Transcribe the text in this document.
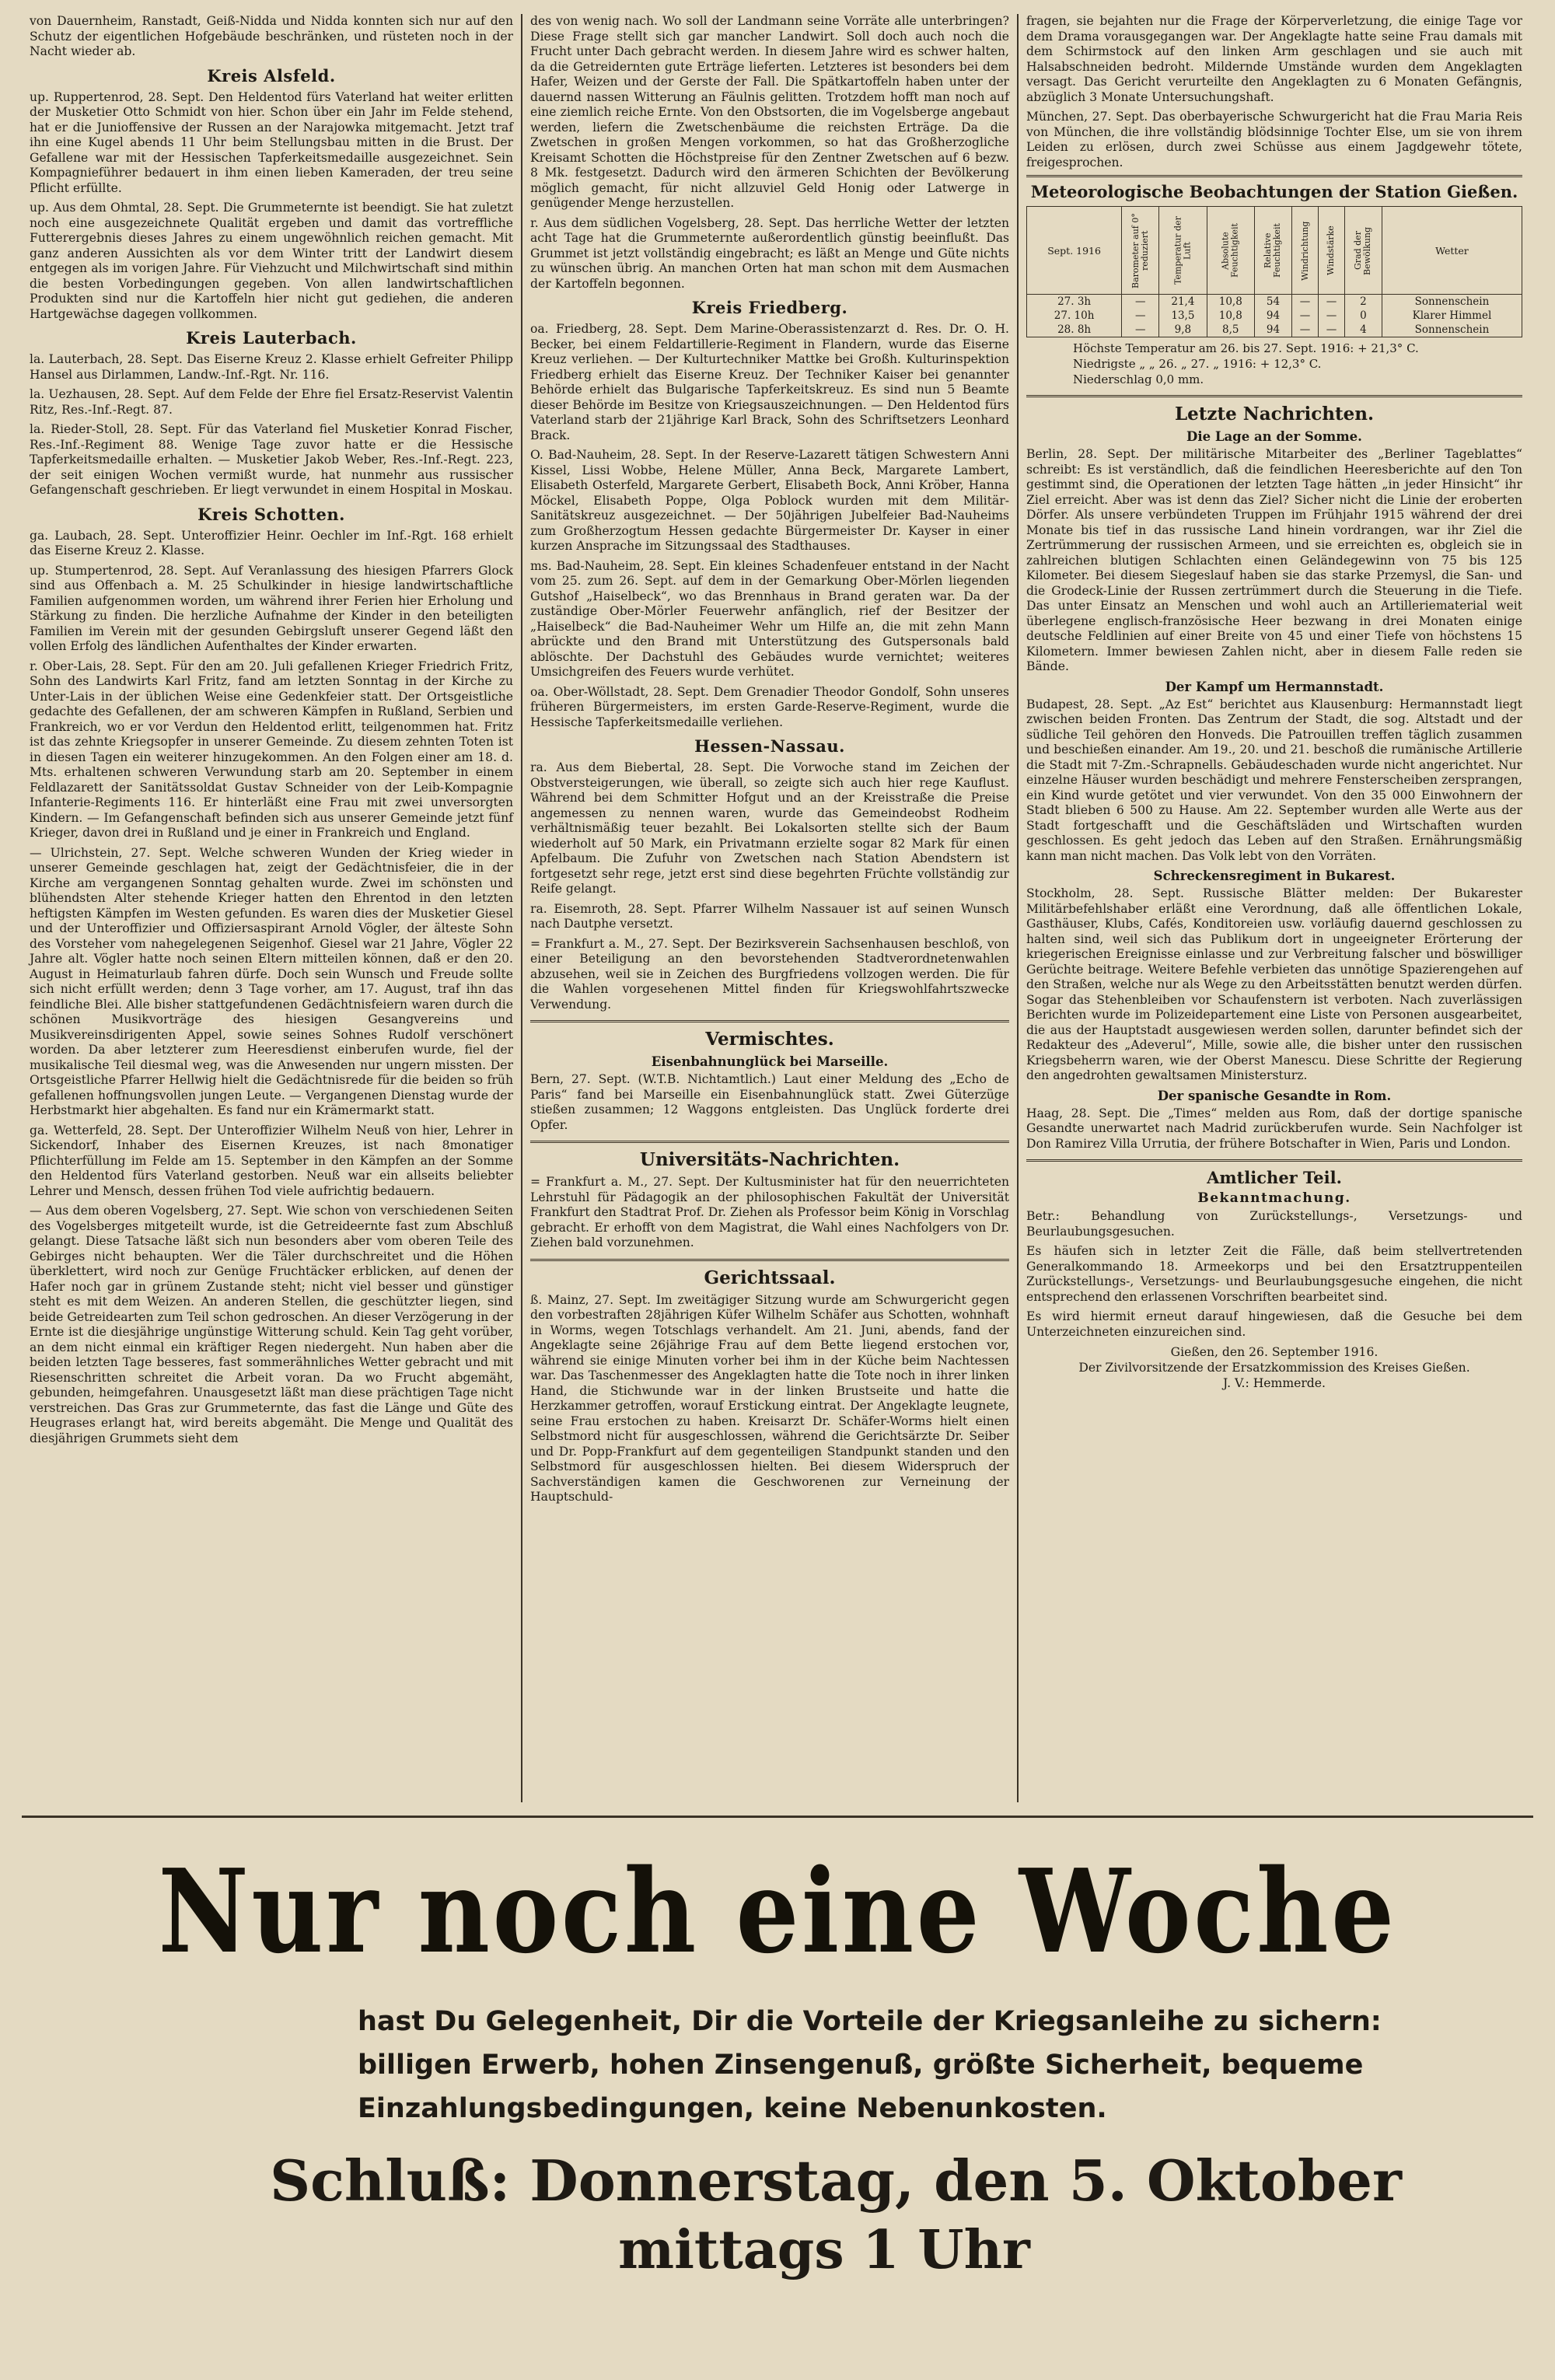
von Dauernheim, Ranstadt, Geiß-Nidda und Nidda konnten sich nur auf den Schutz der eigentlichen Hofgebäude beschränken, und rüsteten noch in der Nacht wieder ab.

Kreis Alsfeld.

up. Ruppertenrod, 28. Sept. Den Heldentod fürs Vaterland hat weiter erlitten der Musketier Otto Schmidt von hier. Schon über ein Jahr im Felde stehend, hat er die Junioffensive der Russen an der Narajowka mitgemacht. Jetzt traf ihn eine Kugel abends 11 Uhr beim Stellungsbau mitten in die Brust. Der Gefallene war mit der Hessischen Tapferkeitsmedaille ausgezeichnet. Sein Kompagnieführer bedauert in ihm einen lieben Kameraden, der treu seine Pflicht erfüllte.

up. Aus dem Ohmtal, 28. Sept. Die Grummeternte ist beendigt. Sie hat zuletzt noch eine ausgezeichnete Qualität ergeben und damit das vortreffliche Futterergebnis dieses Jahres zu einem ungewöhnlich reichen gemacht. Mit ganz anderen Aussichten als vor dem Winter tritt der Landwirt diesem entgegen als im vorigen Jahre. Für Viehzucht und Milchwirtschaft sind mithin die besten Vorbedingungen gegeben. Von allen landwirtschaftlichen Produkten sind nur die Kartoffeln hier nicht gut gediehen, die anderen Hartgewächse dagegen vollkommen.

Kreis Lauterbach.

la. Lauterbach, 28. Sept. Das Eiserne Kreuz 2. Klasse erhielt Gefreiter Philipp Hansel aus Dirlammen, Landw.-Inf.-Rgt. Nr. 116.

la. Uezhausen, 28. Sept. Auf dem Felde der Ehre fiel Ersatz-Reservist Valentin Ritz, Res.-Inf.-Regt. 87.

la. Rieder-Stoll, 28. Sept. Für das Vaterland fiel Musketier Konrad Fischer, Res.-Inf.-Regiment 88. Wenige Tage zuvor hatte er die Hessische Tapferkeitsmedaille erhalten. — Musketier Jakob Weber, Res.-Inf.-Regt. 223, der seit einigen Wochen vermißt wurde, hat nunmehr aus russischer Gefangenschaft geschrieben. Er liegt verwundet in einem Hospital in Moskau.

Kreis Schotten.

ga. Laubach, 28. Sept. Unteroffizier Heinr. Oechler im Inf.-Rgt. 168 erhielt das Eiserne Kreuz 2. Klasse.

up. Stumpertenrod, 28. Sept. Auf Veranlassung des hiesigen Pfarrers Glock sind aus Offenbach a. M. 25 Schulkinder in hiesige landwirtschaftliche Familien aufgenommen worden, um während ihrer Ferien hier Erholung und Stärkung zu finden. Die herzliche Aufnahme der Kinder in den beteiligten Familien im Verein mit der gesunden Gebirgsluft unserer Gegend läßt den vollen Erfolg des ländlichen Aufenthaltes der Kinder erwarten.

r. Ober-Lais, 28. Sept. Für den am 20. Juli gefallenen Krieger Friedrich Fritz, Sohn des Landwirts Karl Fritz, fand am letzten Sonntag in der Kirche zu Unter-Lais in der üblichen Weise eine Gedenkfeier statt. Der Ortsgeistliche gedachte des Gefallenen, der am schweren Kämpfen in Rußland, Serbien und Frankreich, wo er vor Verdun den Heldentod erlitt, teilgenommen hat. Fritz ist das zehnte Kriegsopfer in unserer Gemeinde. Zu diesem zehnten Toten ist in diesen Tagen ein weiterer hinzugekommen. An den Folgen einer am 18. d. Mts. erhaltenen schweren Verwundung starb am 20. September in einem Feldlazarett der Sanitätssoldat Gustav Schneider von der Leib-Kompagnie Infanterie-Regiments 116. Er hinterläßt eine Frau mit zwei unversorgten Kindern. — Im Gefangenschaft befinden sich aus unserer Gemeinde jetzt fünf Krieger, davon drei in Rußland und je einer in Frankreich und England.

— Ulrichstein, 27. Sept. Welche schweren Wunden der Krieg wieder in unserer Gemeinde geschlagen hat, zeigt der Gedächtnisfeier, die in der Kirche am vergangenen Sonntag gehalten wurde. Zwei im schönsten und blühendsten Alter stehende Krieger hatten den Ehrentod in den letzten heftigsten Kämpfen im Westen gefunden. Es waren dies der Musketier Giesel und der Unteroffizier und Offiziersaspirant Arnold Vögler, der älteste Sohn des Vorsteher vom nahegelegenen Seigenhof. Giesel war 21 Jahre, Vögler 22 Jahre alt. Vögler hatte noch seinen Eltern mitteilen können, daß er den 20. August in Heimaturlaub fahren dürfe. Doch sein Wunsch und Freude sollte sich nicht erfüllt werden; denn 3 Tage vorher, am 17. August, traf ihn das feindliche Blei. Alle bisher stattgefundenen Gedächtnisfeiern waren durch die schönen Musikvorträge des hiesigen Gesangvereins und Musikvereinsdirigenten Appel, sowie seines Sohnes Rudolf verschönert worden. Da aber letzterer zum Heeresdienst einberufen wurde, fiel der musikalische Teil diesmal weg, was die Anwesenden nur ungern missten. Der Ortsgeistliche Pfarrer Hellwig hielt die Gedächtnisrede für die beiden so früh gefallenen hoffnungsvollen jungen Leute. — Vergangenen Dienstag wurde der Herbstmarkt hier abgehalten. Es fand nur ein Krämermarkt statt.

ga. Wetterfeld, 28. Sept. Der Unteroffizier Wilhelm Neuß von hier, Lehrer in Sickendorf, Inhaber des Eisernen Kreuzes, ist nach 8monatiger Pflichterfüllung im Felde am 15. September in den Kämpfen an der Somme den Heldentod fürs Vaterland gestorben. Neuß war ein allseits beliebter Lehrer und Mensch, dessen frühen Tod viele aufrichtig bedauern.

— Aus dem oberen Vogelsberg, 27. Sept. Wie schon von verschiedenen Seiten des Vogelsberges mitgeteilt wurde, ist die Getreideernte fast zum Abschluß gelangt. Diese Tatsache läßt sich nun besonders aber vom oberen Teile des Gebirges nicht behaupten. Wer die Täler durchschreitet und die Höhen überklettert, wird noch zur Genüge Fruchtäcker erblicken, auf denen der Hafer noch gar in grünem Zustande steht; nicht viel besser und günstiger steht es mit dem Weizen. An anderen Stellen, die geschützter liegen, sind beide Getreidearten zum Teil schon gedroschen. An dieser Verzögerung in der Ernte ist die diesjährige ungünstige Witterung schuld. Kein Tag geht vorüber, an dem nicht einmal ein kräftiger Regen niedergeht. Nun haben aber die beiden letzten Tage besseres, fast sommerähnliches Wetter gebracht und mit Riesenschritten schreitet die Arbeit voran. Da wo Frucht abgemäht, gebunden, heimgefahren. Unausgesetzt läßt man diese prächtigen Tage nicht verstreichen. Das Gras zur Grummeternte, das fast die Länge und Güte des Heugrases erlangt hat, wird bereits abgemäht. Die Menge und Qualität des diesjährigen Grummets sieht dem

des von wenig nach. Wo soll der Landmann seine Vorräte alle unterbringen? Diese Frage stellt sich gar mancher Landwirt. Soll doch auch noch die Frucht unter Dach gebracht werden. In diesem Jahre wird es schwer halten, da die Getreidernten gute Erträge lieferten. Letzteres ist besonders bei dem Hafer, Weizen und der Gerste der Fall. Die Spätkartoffeln haben unter der dauernd nassen Witterung an Fäulnis gelitten. Trotzdem hofft man noch auf eine ziemlich reiche Ernte. Von den Obstsorten, die im Vogelsberge angebaut werden, liefern die Zwetschenbäume die reichsten Erträge. Da die Zwetschen in großen Mengen vorkommen, so hat das Großherzogliche Kreisamt Schotten die Höchstpreise für den Zentner Zwetschen auf 6 bezw. 8 Mk. festgesetzt. Dadurch wird den ärmeren Schichten der Bevölkerung möglich gemacht, für nicht allzuviel Geld Honig oder Latwerge in genügender Menge herzustellen.

r. Aus dem südlichen Vogelsberg, 28. Sept. Das herrliche Wetter der letzten acht Tage hat die Grummeternte außerordentlich günstig beeinflußt. Das Grummet ist jetzt vollständig eingebracht; es läßt an Menge und Güte nichts zu wünschen übrig. An manchen Orten hat man schon mit dem Ausmachen der Kartoffeln begonnen.

Kreis Friedberg.

oa. Friedberg, 28. Sept. Dem Marine-Oberassistenzarzt d. Res. Dr. O. H. Becker, bei einem Feldartillerie-Regiment in Flandern, wurde das Eiserne Kreuz verliehen. — Der Kulturtechniker Mattke bei Großh. Kulturinspektion Friedberg erhielt das Eiserne Kreuz. Der Techniker Kaiser bei genannter Behörde erhielt das Bulgarische Tapferkeitskreuz. Es sind nun 5 Beamte dieser Behörde im Besitze von Kriegsauszeichnungen. — Den Heldentod fürs Vaterland starb der 21jährige Karl Brack, Sohn des Schriftsetzers Leonhard Brack.

O. Bad-Nauheim, 28. Sept. In der Reserve-Lazarett tätigen Schwestern Anni Kissel, Lissi Wobbe, Helene Müller, Anna Beck, Margarete Lambert, Elisabeth Osterfeld, Margarete Gerbert, Elisabeth Bock, Anni Kröber, Hanna Möckel, Elisabeth Poppe, Olga Poblock wurden mit dem Militär-Sanitätskreuz ausgezeichnet. — Der 50jährigen Jubelfeier Bad-Nauheims zum Großherzogtum Hessen gedachte Bürgermeister Dr. Kayser in einer kurzen Ansprache im Sitzungssaal des Stadthauses.

ms. Bad-Nauheim, 28. Sept. Ein kleines Schadenfeuer entstand in der Nacht vom 25. zum 26. Sept. auf dem in der Gemarkung Ober-Mörlen liegenden Gutshof „Haiselbeck“, wo das Brennhaus in Brand geraten war. Da der zuständige Ober-Mörler Feuerwehr anfänglich, rief der Besitzer der „Haiselbeck“ die Bad-Nauheimer Wehr um Hilfe an, die mit zehn Mann abrückte und den Brand mit Unterstützung des Gutspersonals bald ablöschte. Der Dachstuhl des Gebäudes wurde vernichtet; weiteres Umsichgreifen des Feuers wurde verhütet.

oa. Ober-Wöllstadt, 28. Sept. Dem Grenadier Theodor Gondolf, Sohn unseres früheren Bürgermeisters, im ersten Garde-Reserve-Regiment, wurde die Hessische Tapferkeitsmedaille verliehen.

Hessen-Nassau.

ra. Aus dem Biebertal, 28. Sept. Die Vorwoche stand im Zeichen der Obstversteigerungen, wie überall, so zeigte sich auch hier rege Kauflust. Während bei dem Schmitter Hofgut und an der Kreisstraße die Preise angemessen zu nennen waren, wurde das Gemeindeobst Rodheim verhältnismäßig teuer bezahlt. Bei Lokalsorten stellte sich der Baum wiederholt auf 50 Mark, ein Privatmann erzielte sogar 82 Mark für einen Apfelbaum. Die Zufuhr von Zwetschen nach Station Abendstern ist fortgesetzt sehr rege, jetzt erst sind diese begehrten Früchte vollständig zur Reife gelangt.

ra. Eisemroth, 28. Sept. Pfarrer Wilhelm Nassauer ist auf seinen Wunsch nach Dautphe versetzt.

= Frankfurt a. M., 27. Sept. Der Bezirksverein Sachsenhausen beschloß, von einer Beteiligung an den bevorstehenden Stadtverordnetenwahlen abzusehen, weil sie in Zeichen des Burgfriedens vollzogen werden. Die für die Wahlen vorgesehenen Mittel finden für Kriegswohlfahrtszwecke Verwendung.

Vermischtes.
Eisenbahnunglück bei Marseille.

Bern, 27. Sept. (W.T.B. Nichtamtlich.) Laut einer Meldung des „Echo de Paris“ fand bei Marseille ein Eisenbahnunglück statt. Zwei Güterzüge stießen zusammen; 12 Waggons entgleisten. Das Unglück forderte drei Opfer.

Universitäts-Nachrichten.

= Frankfurt a. M., 27. Sept. Der Kultusminister hat für den neuerrichteten Lehrstuhl für Pädagogik an der philosophischen Fakultät der Universität Frankfurt den Stadtrat Prof. Dr. Ziehen als Professor beim König in Vorschlag gebracht. Er erhofft von dem Magistrat, die Wahl eines Nachfolgers von Dr. Ziehen bald vorzunehmen.

Gerichtssaal.

ß. Mainz, 27. Sept. Im zweitägiger Sitzung wurde am Schwurgericht gegen den vorbestraften 28jährigen Küfer Wilhelm Schäfer aus Schotten, wohnhaft in Worms, wegen Totschlags verhandelt. Am 21. Juni, abends, fand der Angeklagte seine 26jährige Frau auf dem Bette liegend erstochen vor, während sie einige Minuten vorher bei ihm in der Küche beim Nachtessen war. Das Taschenmesser des Angeklagten hatte die Tote noch in ihrer linken Hand, die Stichwunde war in der linken Brustseite und hatte die Herzkammer getroffen, worauf Erstickung eintrat. Der Angeklagte leugnete, seine Frau erstochen zu haben. Kreisarzt Dr. Schäfer-Worms hielt einen Selbstmord nicht für ausgeschlossen, während die Gerichtsärzte Dr. Seiber und Dr. Popp-Frankfurt auf dem gegenteiligen Standpunkt standen und den Selbstmord für ausgeschlossen hielten. Bei diesem Widerspruch der Sachverständigen kamen die Geschworenen zur Verneinung der Hauptschuld-

fragen, sie bejahten nur die Frage der Körperverletzung, die einige Tage vor dem Drama vorausgegangen war. Der Angeklagte hatte seine Frau damals mit dem Schirmstock auf den linken Arm geschlagen und sie auch mit Halsabschneiden bedroht. Mildernde Umstände wurden dem Angeklagten versagt. Das Gericht verurteilte den Angeklagten zu 6 Monaten Gefängnis, abzüglich 3 Monate Untersuchungshaft.

München, 27. Sept. Das oberbayerische Schwurgericht hat die Frau Maria Reis von München, die ihre vollständig blödsinnige Tochter Else, um sie von ihrem Leiden zu erlösen, durch zwei Schüsse aus einem Jagdgewehr tötete, freigesprochen.

Meteorologische Beobachtungen der Station Gießen.
Sept. 1916	Barometer auf 0° reduziert	Temperatur der Luft	Absolute Feuchtigkeit	Relative Feuchtigkeit	Windrichtung	Windstärke	Grad der Bewölkung	Wetter
27. 3h	—	21,4	10,8	54	—	—	2	Sonnenschein
27. 10h	—	13,5	10,8	94	—	—	0	Klarer Himmel
28. 8h	—	9,8	8,5	94	—	—	4	Sonnenschein
Höchste Temperatur am 26. bis 27. Sept. 1916: + 21,3° C.
Niedrigste „ „ 26. „ 27. „ 1916: + 12,3° C.
Niederschlag 0,0 mm.
Letzte Nachrichten.
Die Lage an der Somme.

Berlin, 28. Sept. Der militärische Mitarbeiter des „Berliner Tageblattes“ schreibt: Es ist verständlich, daß die feindlichen Heeresberichte auf den Ton gestimmt sind, die Operationen der letzten Tage hätten „in jeder Hinsicht“ ihr Ziel erreicht. Aber was ist denn das Ziel? Sicher nicht die Linie der eroberten Dörfer. Als unsere verbündeten Truppen im Frühjahr 1915 während der drei Monate bis tief in das russische Land hinein vordrangen, war ihr Ziel die Zertrümmerung der russischen Armeen, und sie erreichten es, obgleich sie in zahlreichen blutigen Schlachten einen Geländegewinn von 75 bis 125 Kilometer. Bei diesem Siegeslauf haben sie das starke Przemysl, die San- und die Grodeck-Linie der Russen zertrümmert durch die Steuerung in die Tiefe. Das unter Einsatz an Menschen und wohl auch an Artilleriematerial weit überlegene englisch-französische Heer bezwang in drei Monaten einige deutsche Feldlinien auf einer Breite von 45 und einer Tiefe von höchstens 15 Kilometern. Immer bewiesen Zahlen nicht, aber in diesem Falle reden sie Bände.

Der Kampf um Hermannstadt.

Budapest, 28. Sept. „Az Est“ berichtet aus Klausenburg: Hermannstadt liegt zwischen beiden Fronten. Das Zentrum der Stadt, die sog. Altstadt und der südliche Teil gehören den Honveds. Die Patrouillen treffen täglich zusammen und beschießen einander. Am 19., 20. und 21. beschoß die rumänische Artillerie die Stadt mit 7-Zm.-Schrapnells. Gebäudeschaden wurde nicht angerichtet. Nur einzelne Häuser wurden beschädigt und mehrere Fensterscheiben zersprangen, ein Kind wurde getötet und vier verwundet. Von den 35 000 Einwohnern der Stadt blieben 6 500 zu Hause. Am 22. September wurden alle Werte aus der Stadt fortgeschafft und die Geschäftsläden und Wirtschaften wurden geschlossen. Es geht jedoch das Leben auf den Straßen. Ernährungsmäßig kann man nicht machen. Das Volk lebt von den Vorräten.

Schreckensregiment in Bukarest.

Stockholm, 28. Sept. Russische Blätter melden: Der Bukarester Militärbefehlshaber erläßt eine Verordnung, daß alle öffentlichen Lokale, Gasthäuser, Klubs, Cafés, Konditoreien usw. vorläufig dauernd geschlossen zu halten sind, weil sich das Publikum dort in ungeeigneter Erörterung der kriegerischen Ereignisse einlasse und zur Verbreitung falscher und böswilliger Gerüchte beitrage. Weitere Befehle verbieten das unnötige Spazierengehen auf den Straßen, welche nur als Wege zu den Arbeitsstätten benutzt werden dürfen. Sogar das Stehenbleiben vor Schaufenstern ist verboten. Nach zuverlässigen Berichten wurde im Polizeidepartement eine Liste von Personen ausgearbeitet, die aus der Hauptstadt ausgewiesen werden sollen, darunter befindet sich der Redakteur des „Adeverul“, Mille, sowie alle, die bisher unter den russischen Kriegsbeherrn waren, wie der Oberst Manescu. Diese Schritte der Regierung den angedrohten gewaltsamen Ministersturz.

Der spanische Gesandte in Rom.

Haag, 28. Sept. Die „Times“ melden aus Rom, daß der dortige spanische Gesandte unerwartet nach Madrid zurückberufen wurde. Sein Nachfolger ist Don Ramirez Villa Urrutia, der frühere Botschafter in Wien, Paris und London.

Amtlicher Teil.
Bekanntmachung.

Betr.: Behandlung von Zurückstellungs-, Versetzungs- und Beurlaubungsgesuchen.

Es häufen sich in letzter Zeit die Fälle, daß beim stellvertretenden Generalkommando 18. Armeekorps und bei den Ersatztruppenteilen Zurückstellungs-, Versetzungs- und Beurlaubungsgesuche eingehen, die nicht entsprechend den erlassenen Vorschriften bearbeitet sind.

Es wird hiermit erneut darauf hingewiesen, daß die Gesuche bei dem Unterzeichneten einzureichen sind.

Gießen, den 26. September 1916.

Der Zivilvorsitzende der Ersatzkommission des Kreises Gießen.

J. V.: Hemmerde.

Nur noch eine Woche
hast Du Gelegenheit, Dir die Vorteile der Kriegsanleihe zu sichern: billigen Erwerb, hohen Zinsengenuß, größte Sicherheit, bequeme Einzahlungsbedingungen, keine Nebenunkosten.
Schluß: Donnerstag, den 5. Oktober
mittags 1 Uhr
